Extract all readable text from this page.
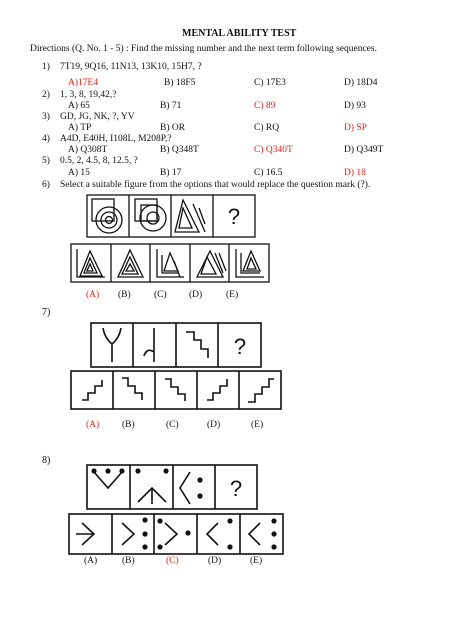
MENTAL ABILITY TEST
Directions (Q. No. 1 - 5) : Find the missing number and the next term following sequences.
1) 7T19, 9Q16, 11N13, 13K10, 15H7, ?
A)17E4	B) 18F5	C) 17E3	D) 18D4
2) 1, 3, 8, 19,42,?
A) 65	B) 71	C) 89	D) 93
3) GD, JG, NK, ?, YV
A) TP	B) OR	C) RQ	D) SP
4) A4D, E40H, I108L, M208P,?
A) Q308T	B) Q348T	C) Q340T	D) Q349T
5) 0.5, 2, 4.5, 8, 12.5, ?
A) 15	B) 17	C) 16.5	D) 18
6) Select a suitable figure from the options that would replace the question mark (?).
?
(A) (B) (C) (D)	(E)
7)
?
(A) (B)	(C)	(D)	(E)
8)
?
(A)	(B)	(C)	(D)	(E)
